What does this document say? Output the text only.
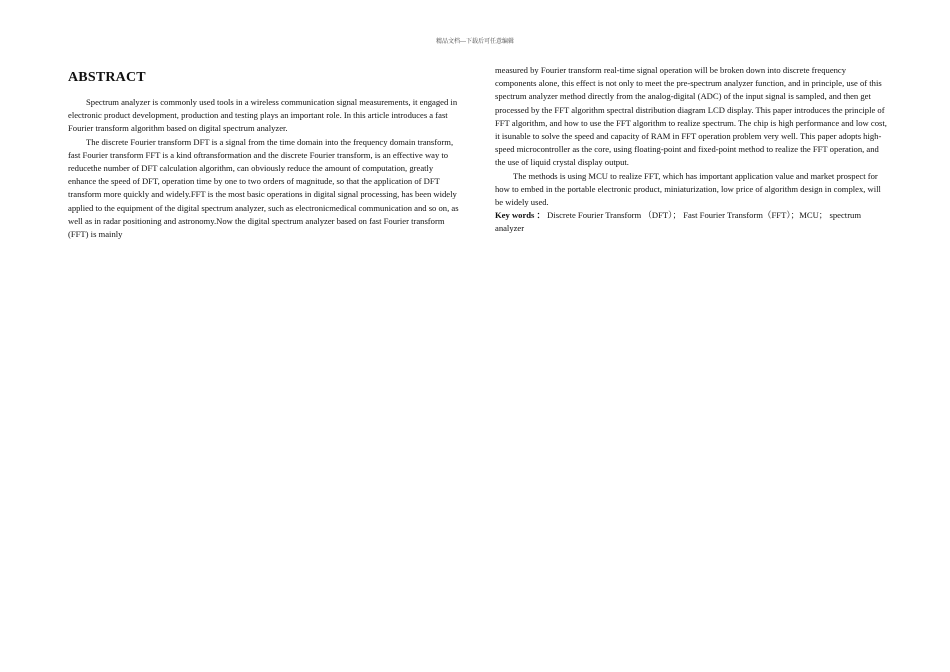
精品文档---下载后可任意编辑
ABSTRACT

Spectrum analyzer is commonly used tools in a wireless communication signal measurements, it engaged in electronic product development, production and testing plays an important role. In this article introduces a fast Fourier transform algorithm based on digital spectrum analyzer.

The discrete Fourier transform DFT is a signal from the time domain into the frequency domain transform, fast Fourier transform FFT is a kind oftransformation and the discrete Fourier transform, is an effective way to reducethe number of DFT calculation algorithm, can obviously reduce the amount of computation, greatly enhance the speed of DFT, operation time by one to two orders of magnitude, so that the application of DFT transform more quickly and widely.FFT is the most basic operations in digital signal processing, has been widely applied to the equipment of the digital spectrum analyzer, such as electronicmedical communication and so on, as well as in radar positioning and astronomy.Now the digital spectrum analyzer based on fast Fourier transform (FFT) is mainly

measured by Fourier transform real-time signal operation will be broken down into discrete frequency components alone, this effect is not only to meet the pre-spectrum analyzer function, and in principle, use of this spectrum analyzer method directly from the analog-digital (ADC) of the input signal is sampled, and then get processed by the FFT algorithm spectral distribution diagram LCD display. This paper introduces the principle of FFT algorithm, and how to use the FFT algorithm to realize spectrum. The chip is high performance and low cost, it isunable to solve the speed and capacity of RAM in FFT operation problem very well. This paper adopts high-speed microcontroller as the core, using floating-point and fixed-point method to realize the FFT operation, and the use of liquid crystal display output.

The methods is using MCU to realize FFT, which has important application value and market prospect for how to embed in the portable electronic product, miniaturization, low price of algorithm design in complex, will be widely used.

Key words ： Discrete Fourier Transform （DFT）； Fast Fourier Transform（FFT）；MCU； spectrum analyzer
